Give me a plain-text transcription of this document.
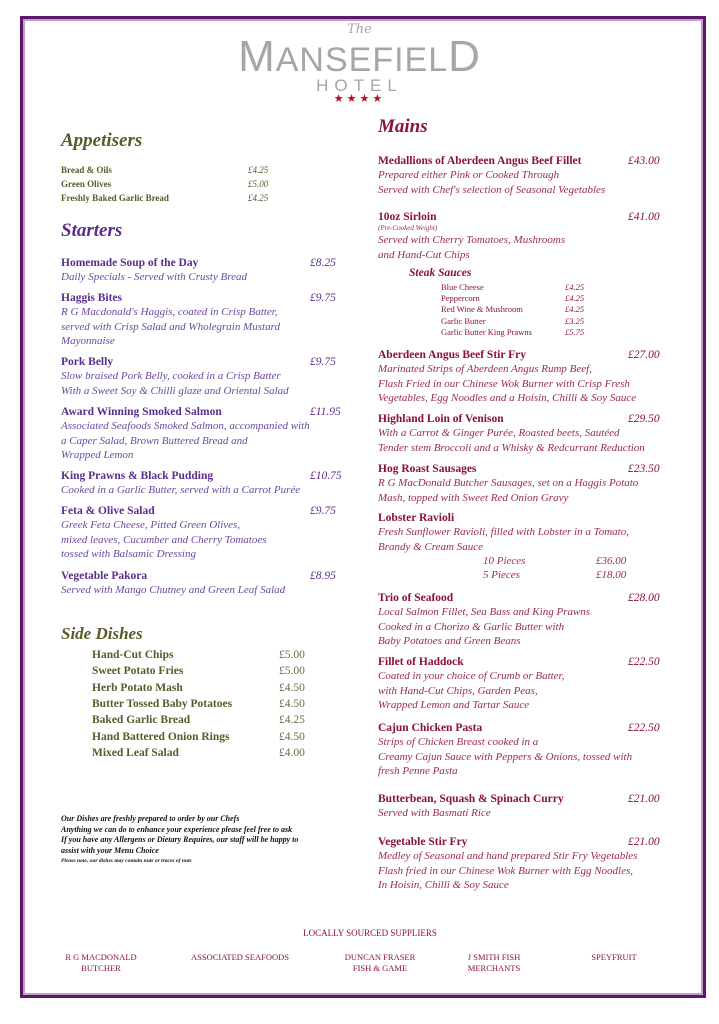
The
MANSEFIELD
HOTEL
★★★★
Appetisers
Starters
Side Dishes
Mains
Steak Sauces
LOCALLY SOURCED SUPPLIERS
Bread & Oils	£4.25
Green Olives	£5.00
Freshly Baked Garlic Bread	£4.25
Homemade Soup of the Day	£8.25
Daily Specials - Served with Crusty Bread
Haggis Bites	£9.75
R G Macdonald's Haggis, coated in Crisp Batter,
served with Crisp Salad and Wholegrain Mustard
Mayonnaise
Pork Belly	£9.75
Slow braised Pork Belly, cooked in a Crisp Batter
With a Sweet Soy & Chilli glaze and Oriental Salad
Award Winning Smoked Salmon	£11.95
Associated Seafoods Smoked Salmon, accompanied with
a Caper Salad, Brown Buttered Bread and
Wrapped Lemon
King Prawns & Black Pudding	£10.75
Cooked in a Garlic Butter, served with a Carrot Purée
Feta & Olive Salad	£9.75
Greek Feta Cheese, Pitted Green Olives,
mixed leaves, Cucumber and Cherry Tomatoes
tossed with Balsamic Dressing
Vegetable Pakora	£8.95
Served with Mango Chutney and Green Leaf Salad
Hand-Cut Chips	£5.00
Sweet Potato Fries	£5.00
Herb Potato Mash	£4.50
Butter Tossed Baby Potatoes	£4.50
Baked Garlic Bread	£4.25
Hand Battered Onion Rings	£4.50
Mixed Leaf Salad	£4.00
Our Dishes are freshly prepared to order by our Chefs
Anything we can do to enhance your experience please feel free to ask
If you have any Allergens or Dietary Requires, our staff will be happy to
assist with your Menu Choice
Please note, our dishes may contain nuts or traces of nuts
Medallions of Aberdeen Angus Beef Fillet	£43.00
Prepared either Pink or Cooked Through
Served with Chef's selection of Seasonal Vegetables
10oz Sirloin	£41.00
(Pre-Cooked Weight)
Served with Cherry Tomatoes, Mushrooms
and Hand-Cut Chips
Aberdeen Angus Beef Stir Fry	£27.00
Marinated Strips of Aberdeen Angus Rump Beef,
Flash Fried in our Chinese Wok Burner with Crisp Fresh
Vegetables, Egg Noodles and a Hoisin, Chilli & Soy Sauce
Highland Loin of Venison	£29.50
With a Carrot & Ginger Purée, Roasted beets, Sautéed
Tender stem Broccoli and a Whisky & Redcurrant Reduction
Hog Roast Sausages	£23.50
R G MacDonald Butcher Sausages, set on a Haggis Potato
Mash, topped with Sweet Red Onion Gravy
Lobster Ravioli
Fresh Sunflower Ravioli, filled with Lobster in a Tomato,
Brandy & Cream Sauce
10 Pieces	£36.00
5 Pieces	£18.00
Trio of Seafood	£28.00
Local Salmon Fillet, Sea Bass and King Prawns
Cooked in a Chorizo & Garlic Butter with
Baby Potatoes and Green Beans
Fillet of Haddock	£22.50
Coated in your choice of Crumb or Batter,
with Hand-Cut Chips, Garden Peas,
Wrapped Lemon and Tartar Sauce
Cajun Chicken Pasta	£22.50
Strips of Chicken Breast cooked in a
Creamy Cajun Sauce with Peppers & Onions, tossed with
fresh Penne Pasta
Butterbean, Squash & Spinach Curry	£21.00
Served with Basmati Rice
Vegetable Stir Fry	£21.00
Medley of Seasonal and hand prepared Stir Fry Vegetables
Flash fried in our Chinese Wok Burner with Egg Noodles,
In Hoisin, Chilli & Soy Sauce
Blue Cheese	£4.25
Peppercorn	£4.25
Red Wine & Mushroom	£4.25
Garlic Butter	£3.25
Garlic Butter King Prawns	£5.75
R G MACDONALD
BUTCHER
ASSOCIATED SEAFOODS	DUNCAN FRASER
FISH & GAME
J SMITH FISH
MERCHANTS
SPEYFRUIT
